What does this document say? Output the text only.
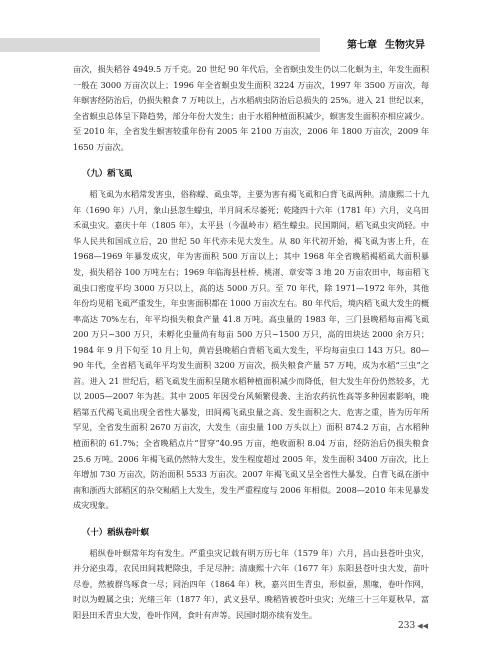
第七章 生物灾异

亩次，损失稻谷 4949.5 万千克。20 世纪 90 年代后，全省螟虫发生仍以二化螟为主，年发生面积一般在 3000 万亩次以上；1996 年全省螟虫发生面积 3224 万亩次，1997 年 3500 万亩次，每年螟害经防治后，仍损失粮食 7 万吨以上，占水稻病虫防治后总损失的 25%。进入 21 世纪以来，全省螟虫总体呈下降趋势，部分年份大发生；由于水稻种植面积减少，螟害发生面积亦相应减少。至 2010 年，全省发生螟害较重年份有 2005 年 2100 万亩次，2006 年 1800 万亩次，2009 年 1650 万亩次。

（九）稻飞虱

稻飞虱为水稻常发害虫，俗称蠓、虱虫等，主要为害有褐飞虱和白背飞虱两种。清康熙二十九年（1690 年）八月，象山县忽生蠓虫，半月间禾尽萎死；乾隆四十六年（1781 年）六月，义乌田禾虱虫灾。嘉庆十年（1805 年），太平县（今温岭市）稻生蠓虫。民国期间，稻飞虱虫灾尚轻。中华人民共和国成立后，20 世纪 50 年代亦未见大发生。从 80 年代初开始，褐飞虱为害上升，在 1968—1969 年暴发成灾，年为害面积 500 万亩以上；其中 1968 年全省晚稻褐稻虱大面积暴发，损失稻谷 100 万吨左右；1969 年临海县杜桥、桃渚、章安等 3 地 20 万亩农田中，每亩稻飞虱虫口密度平均 3000 万只以上，高的达 5000 万只。至 70 年代，除 1971—1972 年外，其他年份均见稻飞虱严重发生，年虫害面积都在 1000 万亩次左右。80 年代后，境内稻飞虱大发生的概率高达 70%左右，年平均损失粮食产量 41.8 万吨。高虫量的 1983 年，三门县晚稻每亩褐飞虱 200 万只~300 万只，未孵化虫量尚有每亩 500 万只~1500 万只，高的田块达 2000 余万只；1984 年 9 月下旬至 10 月上旬，黄岩县晚稻白背稻飞虱大发生，平均每亩虫口 143 万只。80—90 年代，全省稻飞虱年平均发生面积 3200 万亩次，损失粮食产量 57 万吨，成为水稻“三虫”之首。进入 21 世纪后，稻飞虱发生面积呈随水稻种植面积减少而降低，但大发生年份仍然较多，尤以 2005—2007 年为甚。其中 2005 年因受台风频繁侵袭、主治农药抗性高等多种因素影响，晚稻第五代褐飞虱出现全省性大暴发，田间褐飞虱虫量之高、发生面积之大、危害之重，皆为历年所罕见，全省发生面积 2670 万亩次，大发生（亩虫量 100 万头以上）面积 874.2 万亩，占水稻种植面积的 61.7%；全省晚稻点片“冒穿”40.95 万亩，绝收面积 8.04 万亩，经防治后仍损失粮食 25.6 万吨。2006 年褐飞虱仍然特大发生，发生程度超过 2005 年，发生面积 3400 万亩次，比上年增加 730 万亩次，防治面积 5533 万亩次。2007 年褐飞虱又呈全省性大暴发，白背飞虱在浙中南和浙西大部稻区的杂交籼稻上大发生，发生严重程度与 2006 年相似。2008—2010 年未见暴发成灾现象。

（十）稻纵卷叶螟

稻纵卷叶螟常年均有发生。严重虫灾记载有明万历七年（1579 年）六月，昌山县苍叶虫灾，并分泌虫毒，农民田间栽耙除虫，手足尽肿；清康熙十六年（1677 年）东阳县苍叶虫大发，苗叶尽卷，然被群鸟啄食一尽；同治四年（1864 年）秋，嘉兴田生青虫，形似蚕，黑喙，卷叶作网，时以为蝗属之虫；光绪三年（1877 年），武义县早、晚稻皆被苍叶虫灾；光绪三十三年夏秋旱，富阳县田禾青虫大发，卷叶作网，食叶有声等。民国时期亦续有发生。

233 ◀◀
